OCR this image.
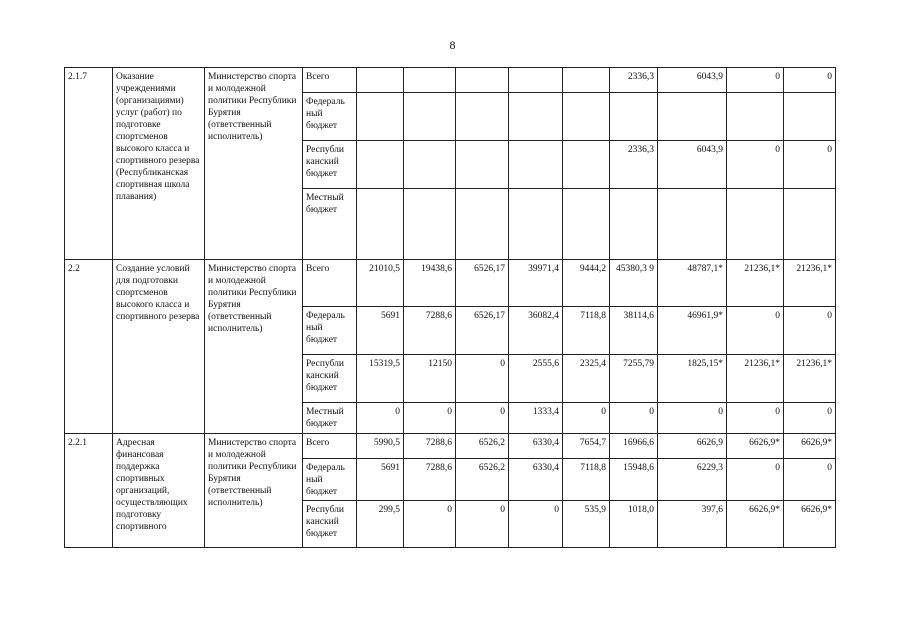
8
2.1.7	Оказание учреждениями (организациями) услуг (работ) по подготовке спортсменов высокого класса и спортивного резерва (Республиканская спортивная школа плавания)	Министерство спорта и молодежной политики Республики Бурятия (ответственный исполнитель)	Всего						2336,3	6043,9	0	0
			Федераль ный бюджет									
			Республи канский бюджет						2336,3	6043,9	0	0
			Местный бюджет									
2.2	Создание условий для подготовки спортсменов высокого класса и спортивного резерва	Министерство спорта и молодежной политики Республики Бурятия (ответственный исполнитель)	Всего	21010,5	19438,6	6526,17	39971,4	9444,2	45380,3 9	48787,1*	21236,1*	21236,1*
			Федераль ный бюджет	5691	7288,6	6526,17	36082,4	7118,8	38114,6	46961,9*	0	0
			Республи канский бюджет	15319,5	12150	0	2555,6	2325,4	7255,79	1825,15*	21236,1*	21236,1*
			Местный бюджет	0	0	0	1333,4	0	0	0	0	0
2.2.1	Адресная финансовая поддержка спортивных организаций, осуществляющих подготовку спортивного	Министерство спорта и молодежной политики Республики Бурятия (ответственный исполнитель)	Всего	5990,5	7288,6	6526,2	6330,4	7654,7	16966,6	6626,9	6626,9*	6626,9*
			Федераль ный бюджет	5691	7288,6	6526,2	6330,4	7118,8	15948,6	6229,3	0	0
			Республи канский бюджет	299,5	0	0	0	535,9	1018,0	397,6	6626,9*	6626,9*
